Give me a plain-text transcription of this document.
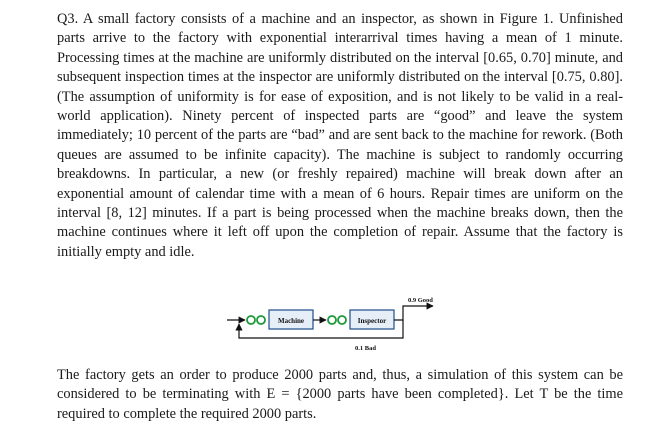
Q3. A small factory consists of a machine and an inspector, as shown in Figure 1. Unfinished parts arrive to the factory with exponential interarrival times having a mean of 1 minute. Processing times at the machine are uniformly distributed on the interval [0.65, 0.70] minute, and subsequent inspection times at the inspector are uniformly distributed on the interval [0.75, 0.80]. (The assumption of uniformity is for ease of exposition, and is not likely to be valid in a real-world application). Ninety percent of inspected parts are “good” and leave the system immediately; 10 percent of the parts are “bad” and are sent back to the machine for rework. (Both queues are assumed to be infinite capacity). The machine is subject to randomly occurring breakdowns. In particular, a new (or freshly repaired) machine will break down after an exponential amount of calendar time with a mean of 6 hours. Repair times are uniform on the interval [8, 12] minutes. If a part is being processed when the machine breaks down, then the machine continues where it left off upon the completion of repair. Assume that the factory is initially empty and idle.

Machine	Inspector
0.9 Good
0.1 Bad

The factory gets an order to produce 2000 parts and, thus, a simulation of this system can be considered to be terminating with E = {2000 parts have been completed}. Let T be the time required to complete the required 2000 parts.
